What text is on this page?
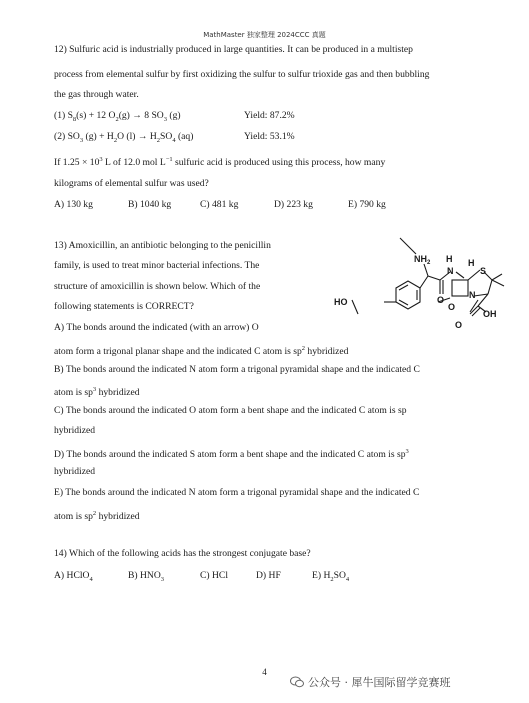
MathMaster 独家整理 2024CCC 真题
12) Sulfuric acid is industrially produced in large quantities. It can be produced in a multistep
process from elemental sulfur by first oxidizing the sulfur to sulfur trioxide gas and then bubbling
the gas through water.
(1) $S_8(s) + 12$ $O_2(g) \to 8$ $SO_3$ (g)	Yield: 87.2%
(2) $SO_3$ $(g) + H_2O$ $(l) \to H_2SO_4$ (aq)	Yield: 53.1%
If $1.25 \times 10^3$ L of 12.0 mol $L^{-1}$ sulfuric acid is produced using this process, how many
kilograms of elemental sulfur was used?
A) 130 kg	B) 1040 kg	C) 481 kg	D) 223 kg	E) 790 kg
13) Amoxicillin, an antibiotic belonging to the penicillin
family, is used to treat minor bacterial infections. The
structure of amoxicillin is shown below. Which of the
following statements is CORRECT?
$NH_2$ H
N
H
S
O
O
N
O
HO
OH
A) The bonds around the indicated (with an arrow) O
atom form a trigonal planar shape and the indicated C atom is $sp^2$ hybridized
B) The bonds around the indicated N atom form a trigonal pyramidal shape and the indicated C
atom is $sp^3$ hybridized
C) The bonds around the indicated O atom form a bent shape and the indicated C atom is sp
hybridized
D) The bonds around the indicated S atom form a bent shape and the indicated C atom is $sp^3$
hybridized
E) The bonds around the indicated N atom form a trigonal pyramidal shape and the indicated C
atom is $sp^2$ hybridized
14) Which of the following acids has the strongest conjugate base?
A) HClO$_4$	B) $HNO_3$	C) HCl	D) HF	E) $H_2SO_4$
4
公众号 · 犀牛国际留学竞赛班
